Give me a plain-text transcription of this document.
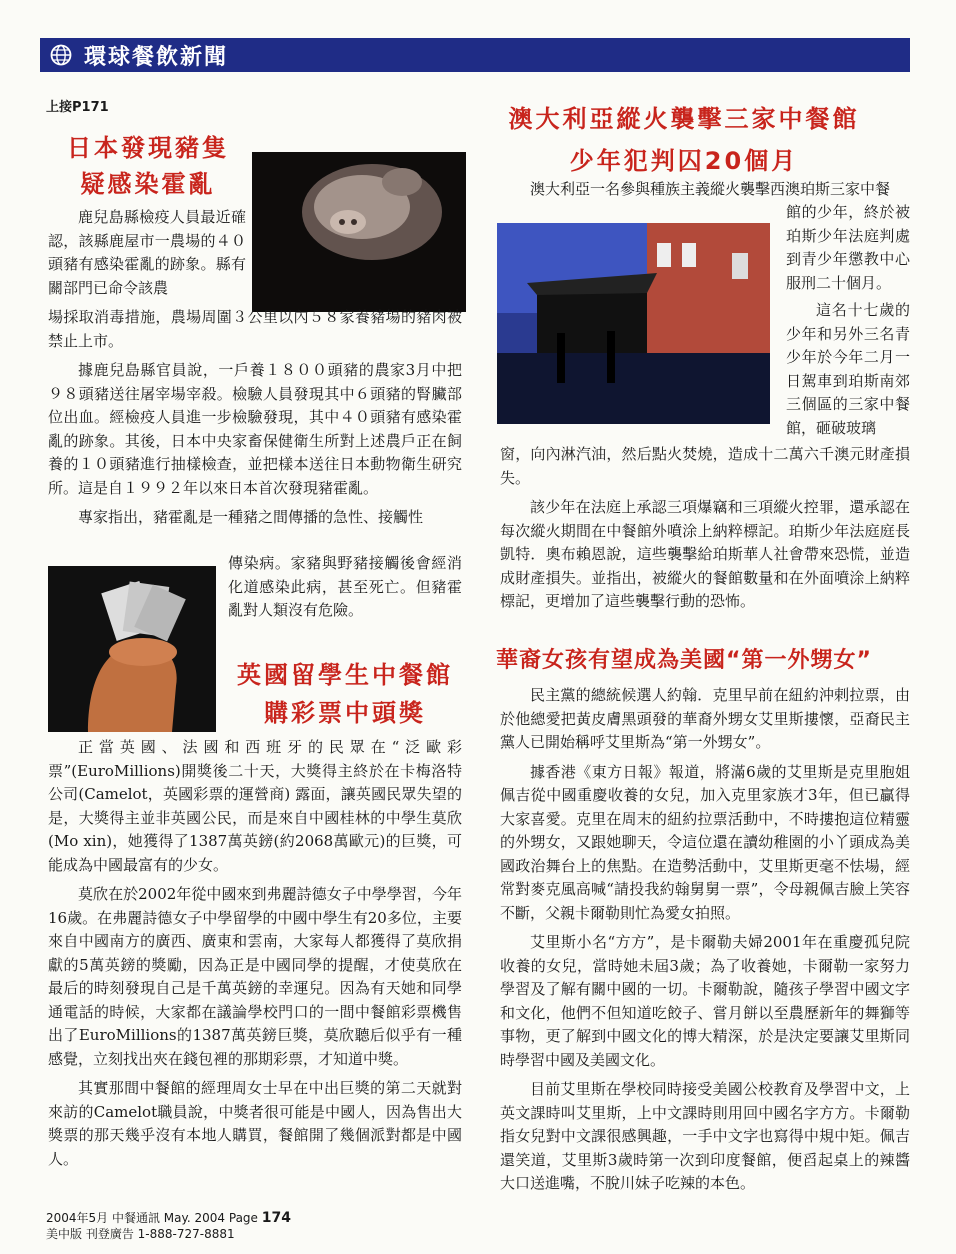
環球餐飲新聞
上接P171
日本發現豬隻
疑感染霍亂

鹿兒島縣檢疫人員最近確認，該縣鹿屋市一農場的４０頭豬有感染霍亂的跡象。縣有關部門已命令該農

場採取消毒措施，農場周圍３公里以內５８家養豬場的豬肉被禁止上市。

據鹿兒島縣官員說，一戶養１８００頭豬的農家3月中把９８頭豬送往屠宰場宰殺。檢驗人員發現其中６頭豬的腎臟部位出血。經檢疫人員進一步檢驗發現，其中４０頭豬有感染霍亂的跡象。其後，日本中央家畜保健衛生所對上述農戶正在飼養的１０頭豬進行抽樣檢查，並把樣本送往日本動物衛生研究所。這是自１９９２年以來日本首次發現豬霍亂。

專家指出，豬霍亂是一種豬之間傳播的急性、接觸性

傳染病。家豬與野豬接觸後會經消化道感染此病，甚至死亡。但豬霍亂對人類沒有危險。

英國留學生中餐館
購彩票中頭獎

正當英國、法國和西班牙的民眾在“泛歐彩票”(EuroMillions)開獎後二十天，大獎得主終於在卡梅洛特公司(Camelot，英國彩票的運營商) 露面，讓英國民眾失望的是，大獎得主並非英國公民，而是來自中國桂林的中學生莫欣(Mo xin)，她獲得了1387萬英鎊(約2068萬歐元)的巨獎，可能成為中國最富有的少女。

莫欣在於2002年從中國來到弗麗詩德女子中學學習，今年16歲。在弗麗詩德女子中學留學的中國中學生有20多位，主要來自中國南方的廣西、廣東和雲南，大家每人都獲得了莫欣捐獻的5萬英鎊的獎勵，因為正是中國同學的提醒，才使莫欣在最后的時刻發現自己是千萬英鎊的幸運兒。因為有天她和同學通電話的時候，大家都在議論學校門口的一間中餐館彩票機售出了EuroMillions的1387萬英鎊巨獎，莫欣聽后似乎有一種感覺，立刻找出夾在錢包裡的那期彩票，才知道中獎。

其實那間中餐館的經理周女士早在中出巨獎的第二天就對來訪的Camelot職員說，中獎者很可能是中國人，因為售出大獎票的那天幾乎沒有本地人購買，餐館開了幾個派對都是中國人。

澳大利亞縱火襲擊三家中餐館
少年犯判囚20個月

澳大利亞一名參與種族主義縱火襲擊西澳珀斯三家中餐

館的少年，終於被珀斯少年法庭判處到青少年懲教中心服刑二十個月。

這名十七歲的少年和另外三名青少年於今年二月一日駕車到珀斯南郊三個區的三家中餐館，砸破玻璃

窗，向內淋汽油，然后點火焚燒，造成十二萬六千澳元財產損失。

該少年在法庭上承認三項爆竊和三項縱火控罪，還承認在每次縱火期間在中餐館外噴涂上納粹標記。珀斯少年法庭庭長凱特．奧布賴恩說，這些襲擊給珀斯華人社會帶來恐慌，並造成財產損失。並指出，被縱火的餐館數量和在外面噴涂上納粹標記，更增加了這些襲擊行動的恐怖。

華裔女孩有望成為美國“第一外甥女”

民主黨的總統候選人約翰．克里早前在紐約沖剌拉票，由於他總愛把黃皮膚黑頭發的華裔外甥女艾里斯摟懷，亞裔民主黨人已開始稱呼艾里斯為“第一外甥女”。

據香港《東方日報》報道，將滿6歲的艾里斯是克里胞姐佩吉從中國重慶收養的女兒，加入克里家族才3年，但已贏得大家喜愛。克里在周末的紐約拉票活動中，不時摟抱這位精靈的外甥女，又跟她聊天，令這位還在讀幼稚園的小丫頭成為美國政治舞台上的焦點。在造勢活動中，艾里斯更毫不怯場，經常對麥克風高喊“請投我約翰舅舅一票”，令母親佩吉臉上笑容不斷，父親卡爾勒則忙為愛女拍照。

艾里斯小名“方方”，是卡爾勒夫婦2001年在重慶孤兒院收養的女兒，當時她未屆3歲；為了收養她，卡爾勒一家努力學習及了解有關中國的一切。卡爾勒說，隨孩子學習中國文字和文化，他們不但知道吃餃子、嘗月餅以至農歷新年的舞獅等事物，更了解到中國文化的博大精深，於是決定要讓艾里斯同時學習中國及美國文化。

目前艾里斯在學校同時接受美國公校教育及學習中文，上英文課時叫艾里斯，上中文課時則用回中國名字方方。卡爾勒指女兒對中文課很感興趣，一手中文字也寫得中規中矩。佩吉還笑道，艾里斯3歲時第一次到印度餐館，便舀起桌上的辣醬大口送進嘴，不脫川妹子吃辣的本色。

2004年5月 中餐通訊 May. 2004 Page 174
美中版 刊登廣告 1-888-727-8881
